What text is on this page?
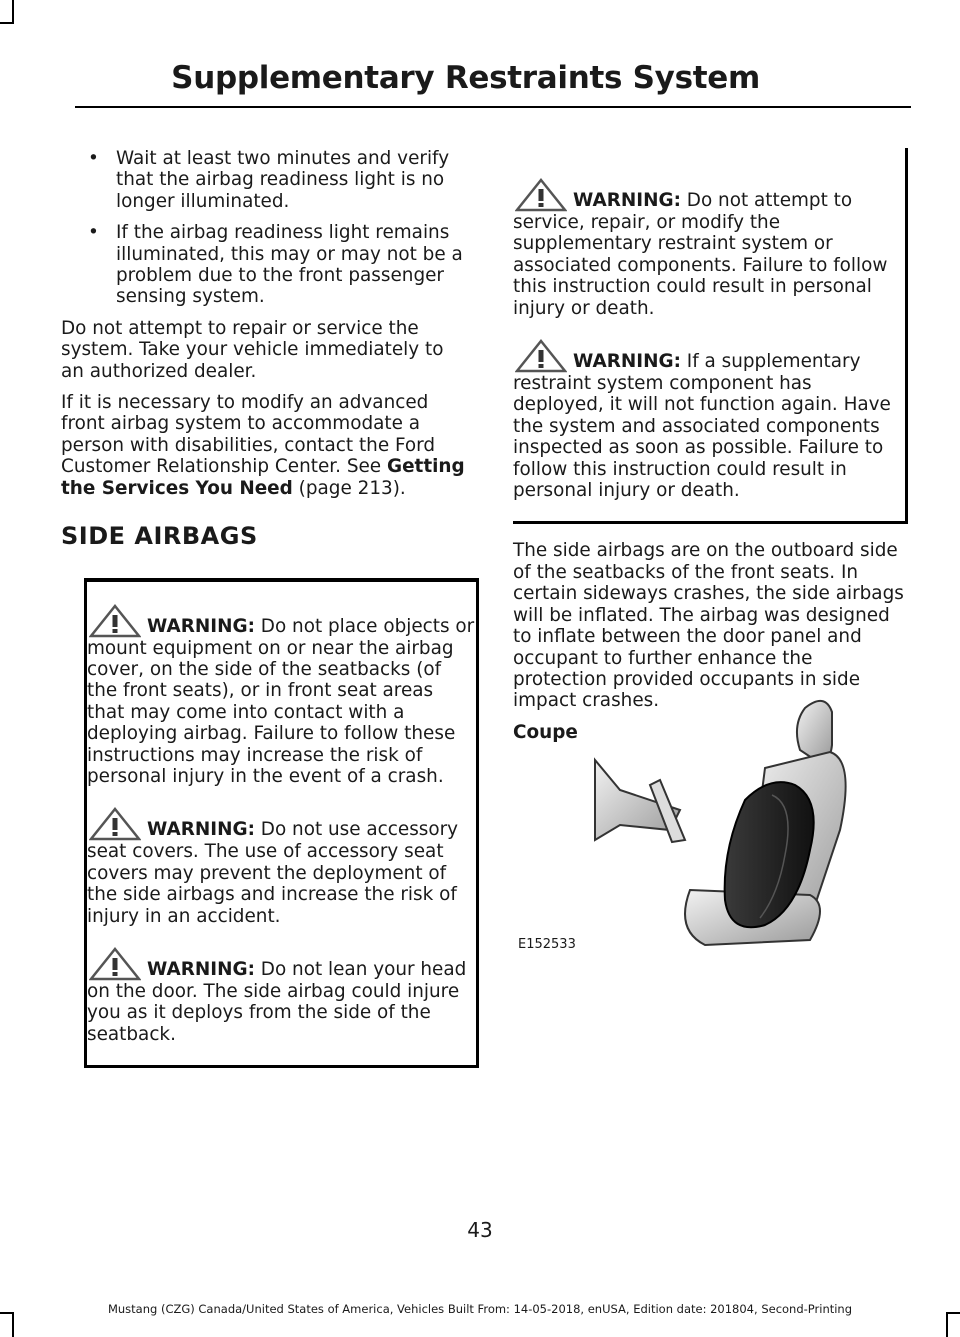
Supplementary Restraints System
• Wait at least two minutes and verify that the airbag readiness light is no longer illuminated.
• If the airbag readiness light remains illuminated, this may or may not be a problem due to the front passenger sensing system.

Do not attempt to repair or service the system. Take your vehicle immediately to an authorized dealer.

If it is necessary to modify an advanced front airbag system to accommodate a person with disabilities, contact the Ford Customer Relationship Center. See Getting the Services You Need (page 213).

SIDE AIRBAGS

WARNING: Do not place objects or mount equipment on or near the airbag cover, on the side of the seatbacks (of the front seats), or in front seat areas that may come into contact with a deploying airbag. Failure to follow these instructions may increase the risk of personal injury in the event of a crash.

WARNING: Do not use accessory seat covers. The use of accessory seat covers may prevent the deployment of the side airbags and increase the risk of injury in an accident.

WARNING: Do not lean your head on the door. The side airbag could injure you as it deploys from the side of the seatback.

WARNING: Do not attempt to service, repair, or modify the supplementary restraint system or associated components. Failure to follow this instruction could result in personal injury or death.

WARNING: If a supplementary restraint system component has deployed, it will not function again. Have the system and associated components inspected as soon as possible. Failure to follow this instruction could result in personal injury or death.

The side airbags are on the outboard side of the seatbacks of the front seats. In certain sideways crashes, the side airbags will be inflated. The airbag was designed to inflate between the door panel and occupant to further enhance the protection provided occupants in side impact crashes.

Coupe
E152533
43
Mustang (CZG) Canada/United States of America, Vehicles Built From: 14-05-2018, enUSA, Edition date: 201804, Second-Printing
